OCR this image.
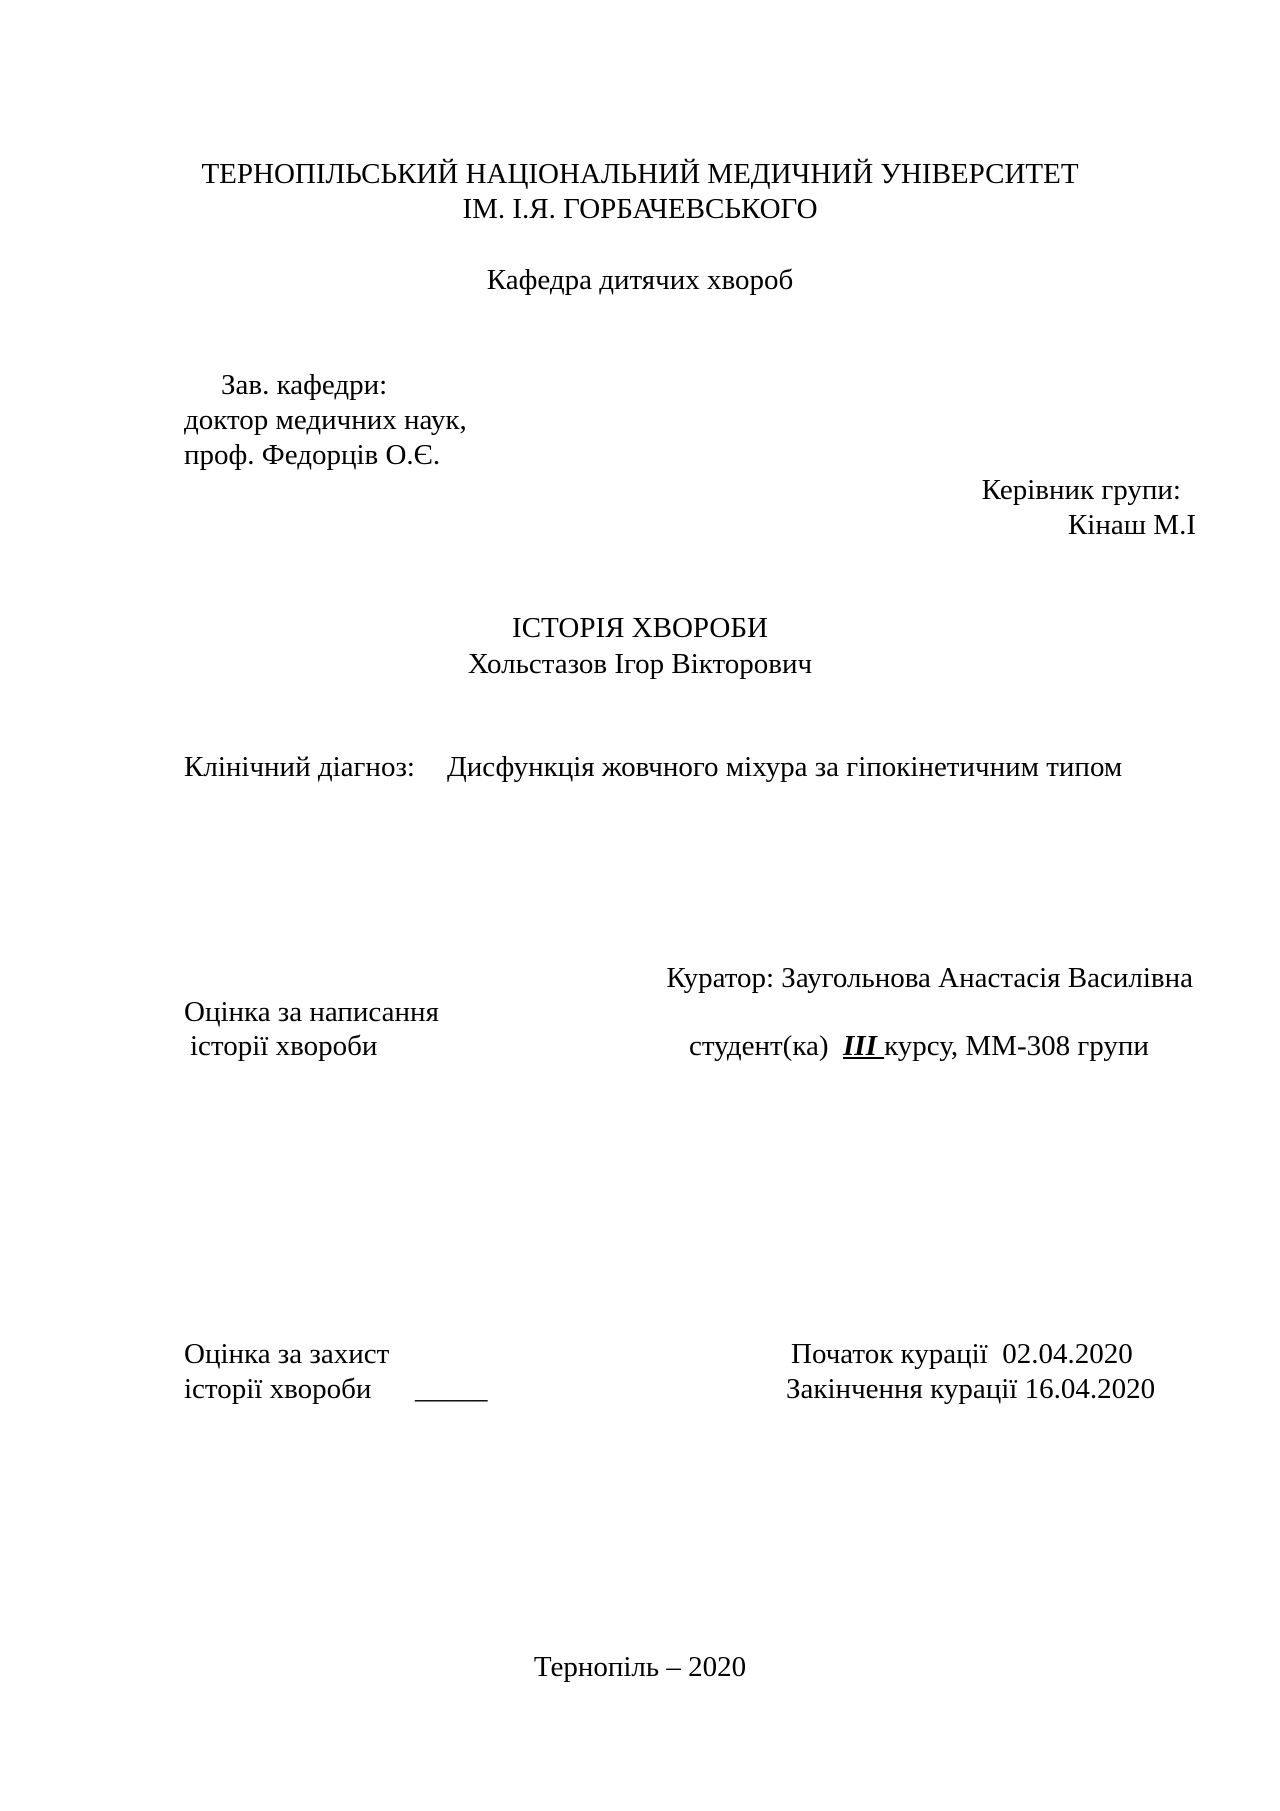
ТЕРНОПІЛЬСЬКИЙ НАЦІОНАЛЬНИЙ МЕДИЧНИЙ УНІВЕРСИТЕТ
ІМ. І.Я. ГОРБАЧЕВСЬКОГО
Кафедра дитячих хвороб
Зав. кафедри:
доктор медичних наук,
проф. Федорців О.Є.
Керівник групи:
Кінаш М.І
ІСТОРІЯ ХВОРОБИ
Хольстазов Ігор Вікторович
Клінічний діагноз: Дисфункція жовчного міхура за гіпокінетичним типом
Куратор: Заугольнова Анастасія Василівна
Оцінка за написання
історії хвороби	студент(ка) ІІІ курсу, ММ-308 групи
Оцінка за захист
історії хвороби _____
Початок курації  02.04.2020
Закінчення курації 16.04.2020
Тернопіль – 2020
